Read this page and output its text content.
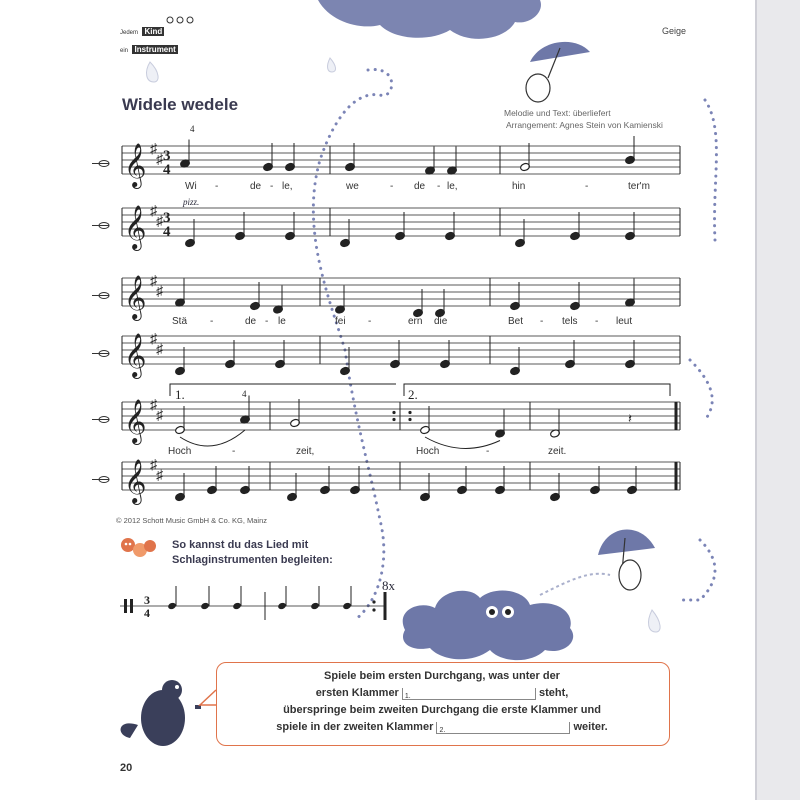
Jedem Kind
ein Instrument
Geige
Widele wedele	Melodie und Text: überliefert
Arrangement: Agnes Stein von Kamienski
𝄞 ♯
♯
𝄞 ♯
♯
3
4
3
4
4
𝄞 ♯
♯
𝄞 ♯
♯
𝄞 ♯
♯
𝄞 ♯
♯
𝄽
1.	2.
4
3
4
Wi -	de - le,	we	- de - le,	hin	-	ter'm
Stä -	de - le	fei -	ern die	Bet - tels - leut
Hoch	-	zeit,	Hoch	-	zeit.
pizz.
© 2012 Schott Music GmbH & Co. KG, Mainz
So kannst du das Lied mit
Schlaginstrumenten begleiten:
8x
Spiele beim ersten Durchgang, was unter der
ersten Klammer 1.	steht,
überspringe beim zweiten Durchgang die erste Klammer und
spiele in der zweiten Klammer 2.	weiter.
20
